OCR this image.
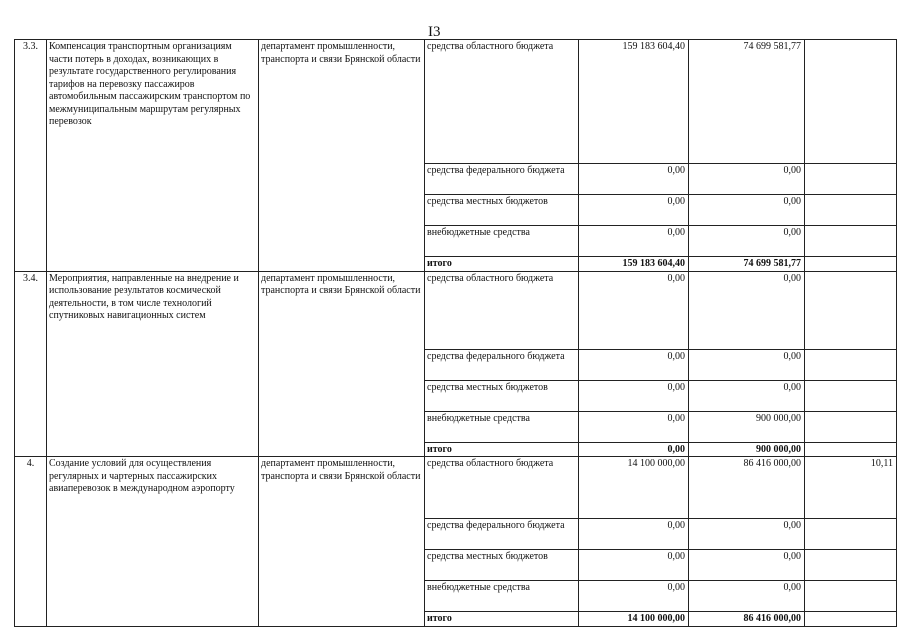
I3
3.3.	Компенсация транспортным организациям части потерь в доходах, возникающих в результате государственного регулирования тарифов на перевозку пассажиров автомобильным пассажирским транспортом по межмуниципальным маршрутам регулярных перевозок	департамент промышленности, транспорта и связи Брянской области	средства областного бюджета	159 183 604,40	74 699 581,77	
			средства федерального бюджета	0,00	0,00	
			средства местных бюджетов	0,00	0,00	
			внебюджетные средства	0,00	0,00	
			итого	159 183 604,40	74 699 581,77	
3.4.	Мероприятия, направленные на внедрение и использование результатов космической деятельности, в том числе технологий спутниковых навигационных систем	департамент промышленности, транспорта и связи Брянской области	средства областного бюджета	0,00	0,00	
			средства федерального бюджета	0,00	0,00	
			средства местных бюджетов	0,00	0,00	
			внебюджетные средства	0,00	900 000,00	
			итого	0,00	900 000,00	
4.	Создание условий для осуществления регулярных и чартерных пассажирских авиаперевозок в международном аэропорту	департамент промышленности, транспорта и связи Брянской области	средства областного бюджета	14 100 000,00	86 416 000,00	10,11
			средства федерального бюджета	0,00	0,00	
			средства местных бюджетов	0,00	0,00	
			внебюджетные средства	0,00	0,00	
			итого	14 100 000,00	86 416 000,00	
